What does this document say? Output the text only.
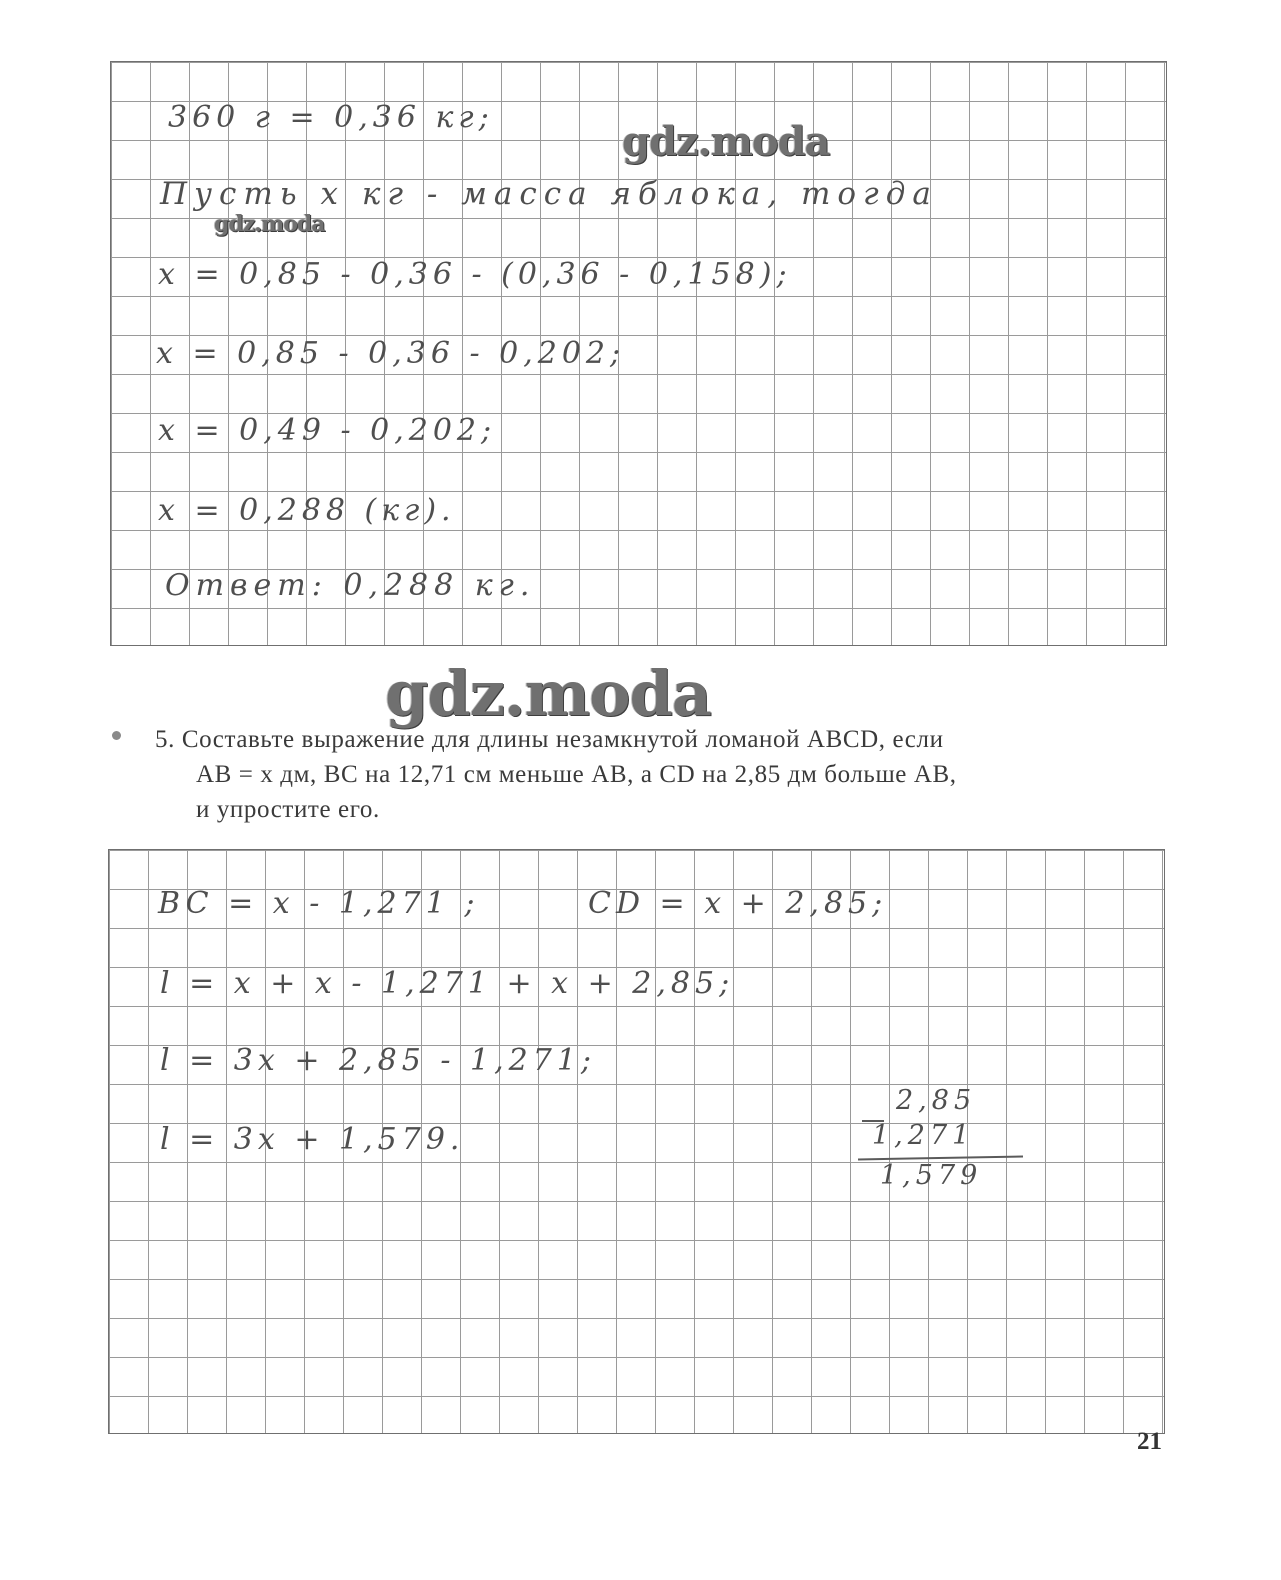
360 г = 0,36 кг;
Пусть x кг - масса яблока, тогда
x = 0,85 - 0,36 - (0,36 - 0,158);
x = 0,85 - 0,36 - 0,202;
x = 0,49 - 0,202;
x = 0,288 (кг).
Ответ: 0,288 кг.
gdz.moda
gdz.moda
gdz.moda
5. Составьте выражение для длины незамкнутой ломаной ABCD, если
AB = x дм, BC на 12,71 см меньше AB, а CD на 2,85 дм больше AB,
и упростите его.
BC = x - 1,271 ;	CD = x + 2,85;
l = x + x - 1,271 + x + 2,85;
l = 3x + 2,85 - 1,271;
l = 3x + 1,579.
2,85
1,271
1,579
21
